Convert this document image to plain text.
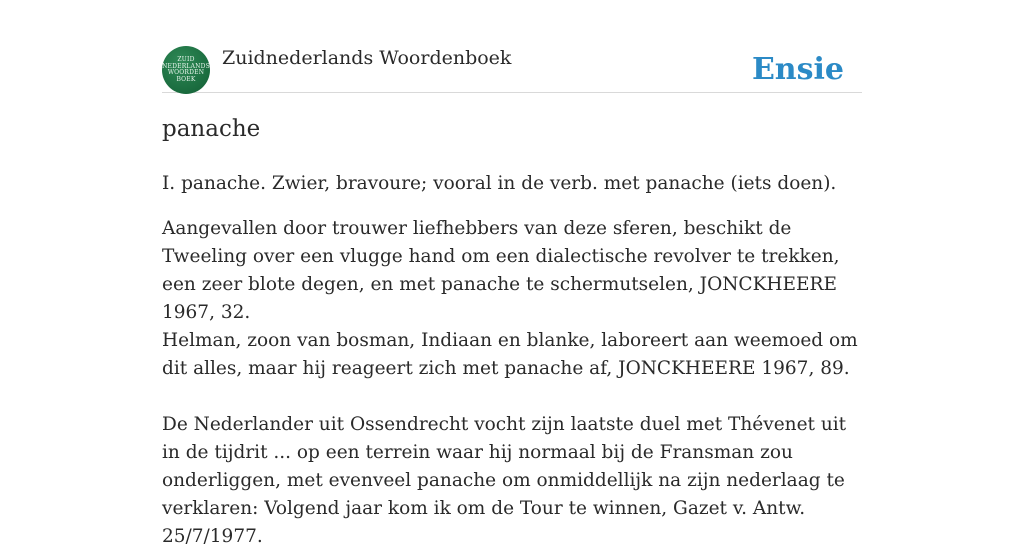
ZUID
NEDERLANDS
WOORDEN
BOEK
Zuidnederlands Woordenboek	Ensie
panache

I. panache. Zwier, bravoure; vooral in de verb. met panache (iets doen).

Aangevallen door trouwer liefhebbers van deze sferen, beschikt de Tweeling over een vlugge hand om een dialectische revolver te trekken, een zeer blote degen, en met panache te schermutselen, JONCKHEERE 1967, 32.

Helman, zoon van bosman, Indiaan en blanke, laboreert aan weemoed om dit alles, maar hij reageert zich met panache af, JONCKHEERE 1967, 89.

De Nederlander uit Ossendrecht vocht zijn laatste duel met Thévenet uit in de tijdrit ... op een terrein waar hij normaal bij de Fransman zou onderliggen, met evenveel panache om onmiddellijk na zijn nederlaag te verklaren: Volgend jaar kom ik om de Tour te winnen, Gazet v. Antw. 25/7/1977.
